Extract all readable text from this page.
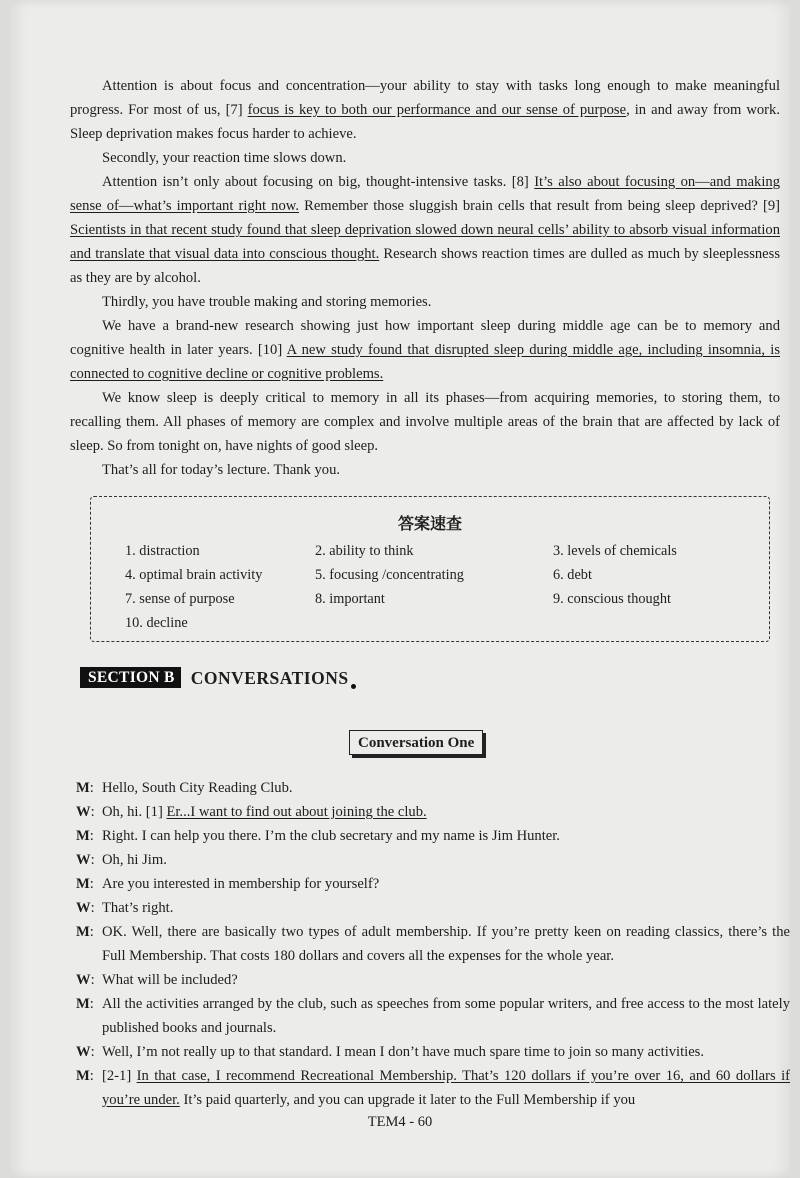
Attention is about focus and concentration—your ability to stay with tasks long enough to make meaningful progress. For most of us, [7] focus is key to both our performance and our sense of purpose, in and away from work. Sleep deprivation makes focus harder to achieve.

Secondly, your reaction time slows down.

Attention isn’t only about focusing on big, thought-intensive tasks. [8] It’s also about focusing on—and making sense of—what’s important right now. Remember those sluggish brain cells that result from being sleep deprived? [9] Scientists in that recent study found that sleep deprivation slowed down neural cells’ ability to absorb visual information and translate that visual data into conscious thought. Research shows reaction times are dulled as much by sleeplessness as they are by alcohol.

Thirdly, you have trouble making and storing memories.

We have a brand-new research showing just how important sleep during middle age can be to memory and cognitive health in later years. [10] A new study found that disrupted sleep during middle age, including insomnia, is connected to cognitive decline or cognitive problems.

We know sleep is deeply critical to memory in all its phases—from acquiring memories, to storing them, to recalling them. All phases of memory are complex and involve multiple areas of the brain that are affected by lack of sleep. So from tonight on, have nights of good sleep.

That’s all for today’s lecture. Thank you.

答案速查
1. distraction	2. ability to think	3. levels of chemicals
4. optimal brain activity	5. focusing /concentrating	6. debt
7. sense of purpose	8. important	9. conscious thought
10. decline
SECTION B CONVERSATIONS
Conversation One
M: Hello, South City Reading Club.
W: Oh, hi. [1] Er...I want to find out about joining the club.
M: Right. I can help you there. I’m the club secretary and my name is Jim Hunter.
W: Oh, hi Jim.
M: Are you interested in membership for yourself?
W: That’s right.
M: OK. Well, there are basically two types of adult membership. If you’re pretty keen on reading classics, there’s the Full Membership. That costs 180 dollars and covers all the expenses for the whole year.
W: What will be included?
M: All the activities arranged by the club, such as speeches from some popular writers, and free access to the most lately published books and journals.
W: Well, I’m not really up to that standard. I mean I don’t have much spare time to join so many activities.
M: [2-1] In that case, I recommend Recreational Membership. That’s 120 dollars if you’re over 16, and 60 dollars if you’re under. It’s paid quarterly, and you can upgrade it later to the Full Membership if you
TEM4 - 60
